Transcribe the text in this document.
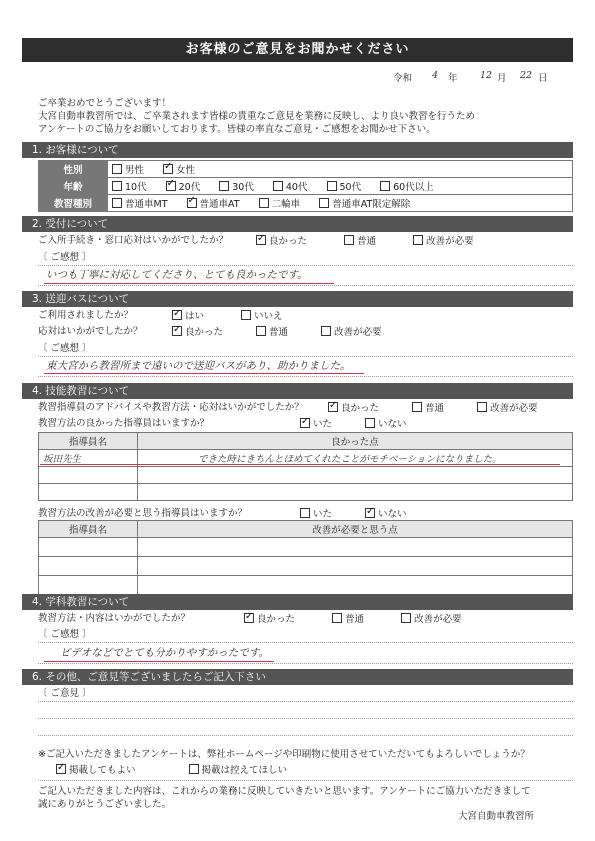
お客様のご意見をお聞かせください
令和 4 年 12 月 22 日
ご卒業おめでとうございます！
大宮自動車教習所では、ご卒業されます皆様の貴重なご意見を業務に反映し、より良い教習を行うため
アンケートのご協力をお願いしております。皆様の率直なご意見・ご感想をお聞かせ下さい。
1. お客様について
性別	男性 ✓ 女性
年齢	10代 ✓ 20代 30代 40代 50代 60代以上
教習種別	普通車MT ✓ 普通車AT 二輪車 普通車AT限定解除
2. 受付について
ご入所手続き・窓口応対はいかがでしたか？ ✓	良かった	普通	改善が必要
〔 ご感想 〕
いつも丁寧に対応してくださり、とても良かったです。
3. 送迎バスについて
ご利用されましたか？ ✓	はい	いいえ
応対はいかがでしたか？ ✓	良かった	普通	改善が必要
〔 ご感想 〕
東大宮から教習所まで遠いので送迎バスがあり、助かりました。
4. 技能教習について
教習指導員のアドバイスや教習方法・応対はいかがでしたか？ ✓	良かった	普通	改善が必要
教習方法の良かった指導員はいますか？ ✓	いた	いない
指導員名	良かった点
坂田先生	できた時にきちんとほめてくれたことがモチベーションになりました。

教習方法の改善が必要と思う指導員はいますか？	いた ✓	いない
指導員名	改善が必要と思う点

4. 学科教習について
教習方法・内容はいかがでしたか？ ✓	良かった	普通	改善が必要
〔 ご感想 〕
ビデオなどでとても分かりやすかったです。
6. その他、ご意見等ございましたらご記入下さい
〔 ご意見 〕
※ご記入いただきましたアンケートは、弊社ホームページや印刷物に使用させていただいてもよろしいでしょうか？
✓掲載してもよい	掲載は控えてほしい
ご記入いただきました内容は、これからの業務に反映していきたいと思います。アンケートにご協力いただきまして
誠にありがとうございました。
大宮自動車教習所
